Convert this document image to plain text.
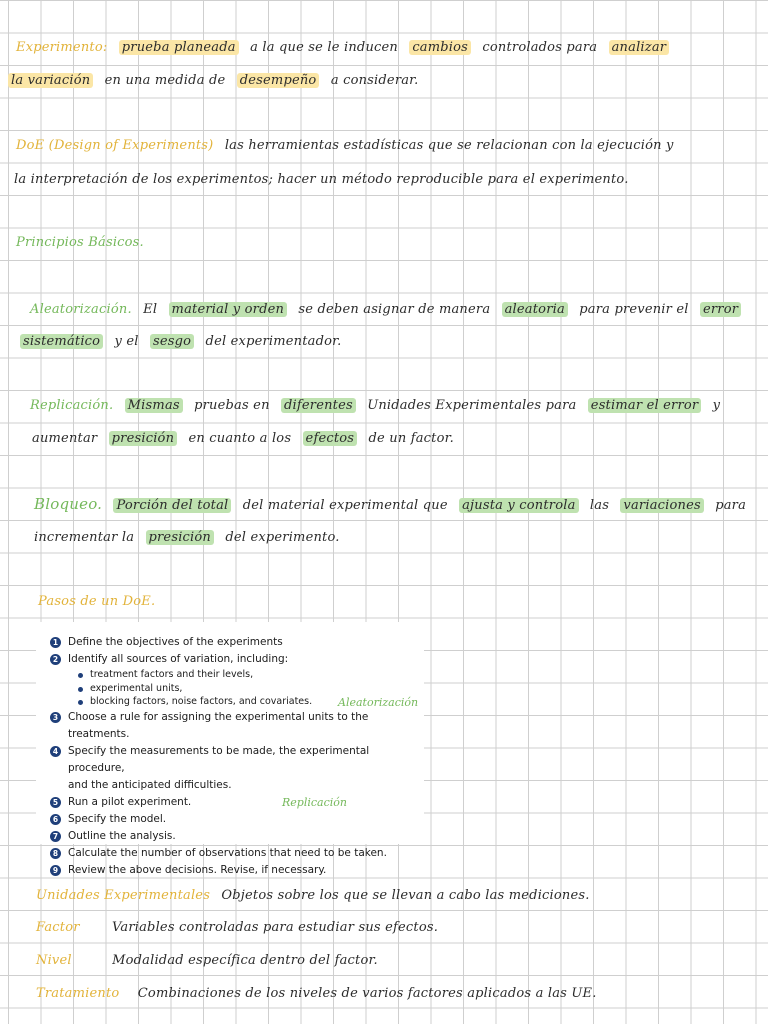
Experimento: prueba planeada a la que se le inducen cambios controlados para analizar
la variación en una medida de desempeño a considerar.
DoE (Design of Experiments) las herramientas estadísticas que se relacionan con la ejecución y
la interpretación de los experimentos; hacer un método reproducible para el experimento.
Principios Básicos.
Aleatorización. El material y orden se deben asignar de manera aleatoria para prevenir el error
sistemático y el sesgo del experimentador.
Replicación. Mismas pruebas en diferentes Unidades Experimentales para estimar el error y
aumentar presición en cuanto a los efectos de un factor.
Bloqueo. Porción del total del material experimental que ajusta y controla las variaciones para
incrementar la presición del experimento.
Pasos de un DoE.
1 Define the objectives of the experiments
2 Identify all sources of variation, including:
treatment factors and their levels,
experimental units,
blocking factors, noise factors, and covariates.
3 Choose a rule for assigning the experimental units to the treatments.
4 Specify the measurements to be made, the experimental procedure,
and the anticipated difficulties.
5 Run a pilot experiment.
6 Specify the model.
7 Outline the analysis.
8 Calculate the number of observations that need to be taken.
9 Review the above decisions. Revise, if necessary.
Aleatorización
Replicación
Unidades Experimentales Objetos sobre los que se llevan a cabo las mediciones.
Factor Variables controladas para estudiar sus efectos.
Nivel	Modalidad específica dentro del factor.
Tratamiento Combinaciones de los niveles de varios factores aplicados a las UE.
